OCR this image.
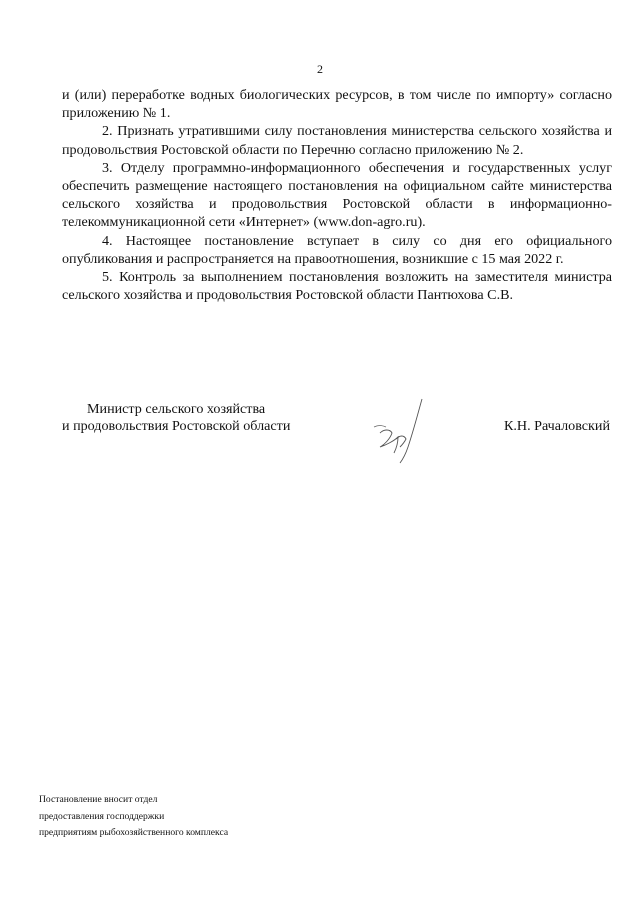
2

и (или) переработке водных биологических ресурсов, в том числе по импорту» согласно приложению № 1.

2. Признать утратившими силу постановления министерства сельского хозяйства и продовольствия Ростовской области по Перечню согласно приложению № 2.

3. Отделу программно-информационного обеспечения и государственных услуг обеспечить размещение настоящего постановления на официальном сайте министерства сельского хозяйства и продовольствия Ростовской области в информационно-телекоммуникационной сети «Интернет» (www.don-agro.ru).

4. Настоящее постановление вступает в силу со дня его официального опубликования и распространяется на правоотношения, возникшие с 15 мая 2022 г.

5. Контроль за выполнением постановления возложить на заместителя министра сельского хозяйства и продовольствия Ростовской области Пантюхова С.В.

Министр сельского хозяйства
и продовольствия Ростовской области	К.Н. Рачаловский
Постановление вносит отдел
предоставления господдержки
предприятиям рыбохозяйственного комплекса
